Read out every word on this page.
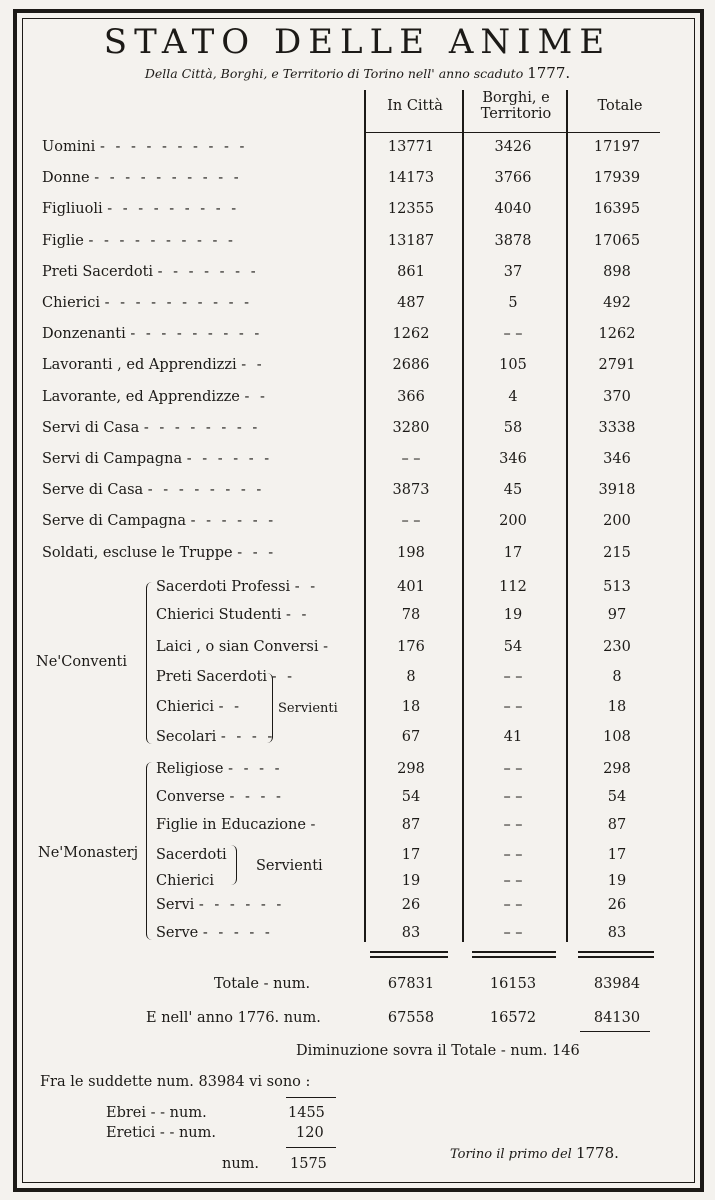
STATO DELLE ANIME
Della Città, Borghi, e Territorio di Torino nell' anno scaduto 1777.
In Città	Borghi, e Territorio	Totale
Uomini - - - - - - - - - -	13771	3426	17197
Donne - - - - - - - - - -	14173	3766	17939
Figliuoli - - - - - - - - -	12355	4040	16395
Figlie - - - - - - - - - -	13187	3878	17065
Preti Sacerdoti - - - - - - -	861	37	898
Chierici - - - - - - - - - -	487	5	492
Donzenanti - - - - - - - - -	1262	– –	1262
Lavoranti , ed Apprendizzi - -	2686	105	2791
Lavorante, ed Apprendizze - -	366	4	370
Servi di Casa - - - - - - - -	3280	58	3338
Servi di Campagna - - - - - -	– –	346	346
Serve di Casa - - - - - - - -	3873	45	3918
Serve di Campagna - - - - - -	– –	200	200
Soldati, escluse le Truppe - - -	198	17	215
Sacerdoti Professi - -	401	112	513
Chierici Studenti - -	78	19	97
Laici , o sian Conversi -	176	54	230
Preti Sacerdoti - -	8	– –	8
Chierici - -	18	– –	18
Secolari - - - -	67	41	108
Religiose - - - -	298	– –	298
Converse - - - -	54	– –	54
Figlie in Educazione -	87	– –	87
Sacerdoti	17	– –	17
Chierici	19	– –	19
Servi - - - - - -	26	– –	26
Serve - - - - -	83	– –	83
Ne'Conventi
Servienti
Ne'Monasterj
Servienti
Totale - num.	67831	16153	83984
E nell' anno 1776. num.	67558	16572	84130
Diminuzione sovra il Totale - num. 146
Fra le suddette num. 83984 vi sono :
Ebrei - - num.	1455
Eretici - - num.	120
num. 1575
Torino il primo del 1778.
